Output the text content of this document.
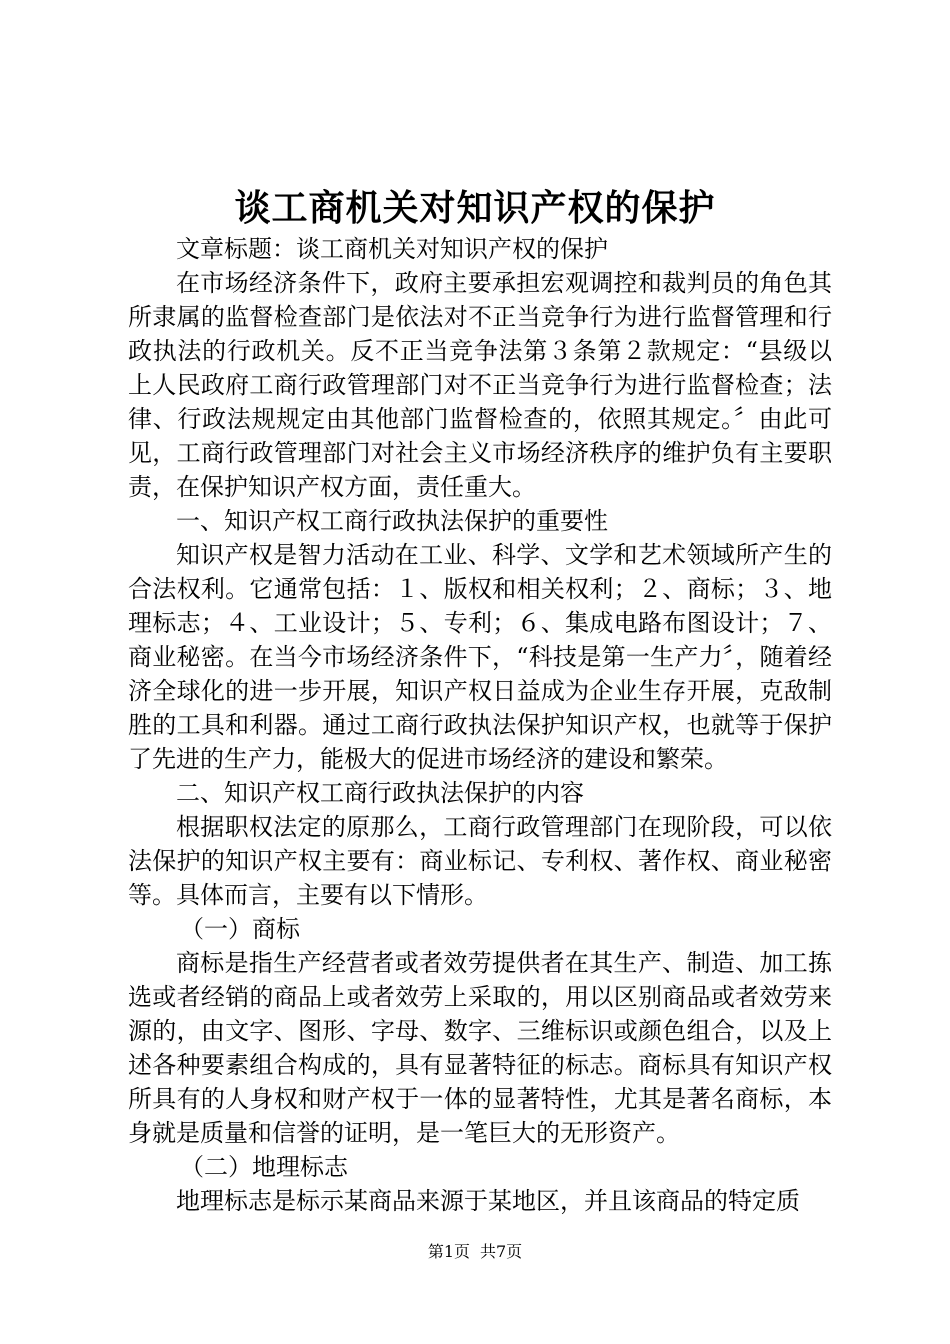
谈工商机关对知识产权的保护

文章标题：谈工商机关对知识产权的保护

在市场经济条件下，政府主要承担宏观调控和裁判员的角色其所隶属的监督检查部门是依法对不正当竞争行为进行监督管理和行政执法的行政机关。反不正当竞争法第３条第２款规定：“县级以上人民政府工商行政管理部门对不正当竞争行为进行监督检查；法律、行政法规规定由其他部门监督检查的，依照其规定。〞由此可见，工商行政管理部门对社会主义市场经济秩序的维护负有主要职责，在保护知识产权方面，责任重大。

一、知识产权工商行政执法保护的重要性

知识产权是智力活动在工业、科学、文学和艺术领域所产生的合法权利。它通常包括：１、版权和相关权利；２、商标；３、地理标志；４、工业设计；５、专利；６、集成电路布图设计；７、商业秘密。在当今市场经济条件下，“科技是第一生产力〞，随着经济全球化的进一步开展，知识产权日益成为企业生存开展，克敌制胜的工具和利器。通过工商行政执法保护知识产权，也就等于保护了先进的生产力，能极大的促进市场经济的建设和繁荣。

二、知识产权工商行政执法保护的内容

根据职权法定的原那么，工商行政管理部门在现阶段，可以依法保护的知识产权主要有：商业标记、专利权、著作权、商业秘密等。具体而言，主要有以下情形。

（一）商标

商标是指生产经营者或者效劳提供者在其生产、制造、加工拣选或者经销的商品上或者效劳上采取的，用以区别商品或者效劳来源的，由文字、图形、字母、数字、三维标识或颜色组合，以及上述各种要素组合构成的，具有显著特征的标志。商标具有知识产权所具有的人身权和财产权于一体的显著特性，尤其是著名商标，本身就是质量和信誉的证明，是一笔巨大的无形资产。

（二）地理标志

地理标志是标示某商品来源于某地区，并且该商品的特定质

第1页 共7页
